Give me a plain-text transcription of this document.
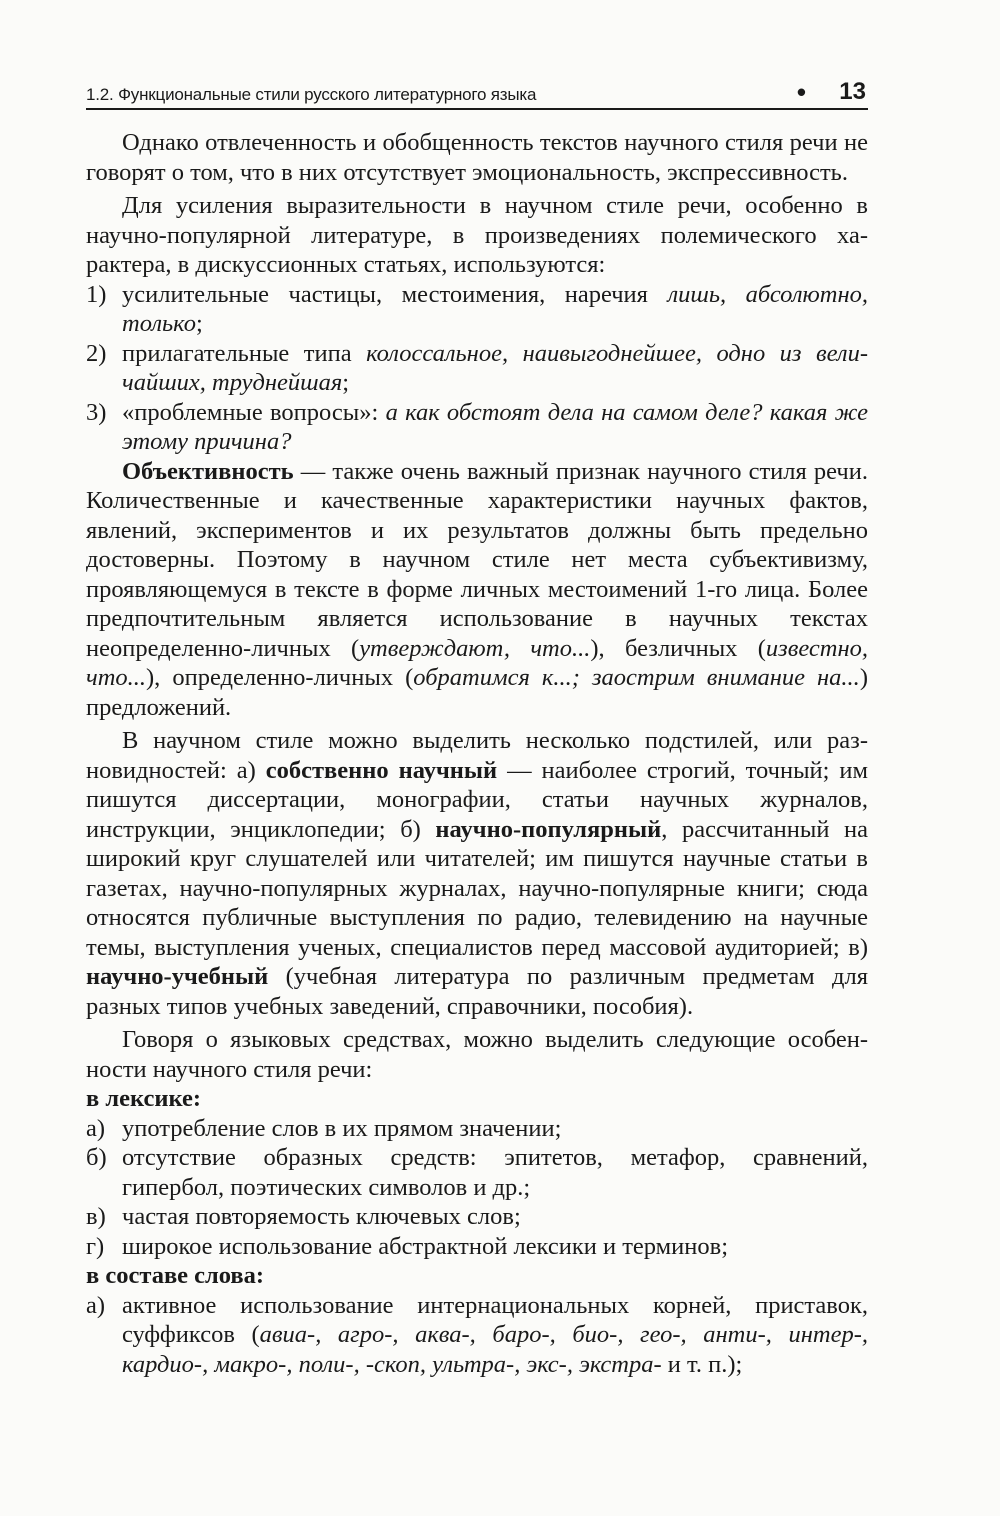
1.2. Функциональные стили русского литературного языка	• 13

Однако отвлеченность и обобщенность текстов научного стиля речи не говорят о том, что в них отсутствует эмоциональность, экспрессивность.

Для усиления выразительности в научном стиле речи, особенно в научно-популярной литературе, в произведениях полемического характера, в дискуссионных статьях, используются:

1) усилительные частицы, местоимения, наречия лишь, абсолютно, только;
2) прилагательные типа колоссальное, наивыгоднейшее, одно из величайших, труднейшая;
3) «проблемные вопросы»: а как обстоят дела на самом деле? какая же этому причина?

Объективность — также очень важный признак научного стиля речи. Количественные и качественные характеристики научных фактов, явлений, экспериментов и их результатов должны быть предельно достоверны. Поэтому в научном стиле нет места субъективизму, проявляющемуся в тексте в форме личных местоимений 1-го лица. Более предпочтительным является использование в научных текстах неопределенно-личных (утверждают, что...), безличных (известно, что...), определенно-личных (обратимся к...; заострим внимание на...) предложений.

В научном стиле можно выделить несколько подстилей, или разновидностей: а) собственно научный — наиболее строгий, точный; им пишутся диссертации, монографии, статьи научных журналов, инструкции, энциклопедии; б) научно-популярный, рассчитанный на широкий круг слушателей или читателей; им пишутся научные статьи в газетах, научно-популярных журналах, научно-популярные книги; сюда относятся публичные выступления по радио, телевидению на научные темы, выступления ученых, специалистов перед массовой аудиторией; в) научно-учебный (учебная литература по различным предметам для разных типов учебных заведений, справочники, пособия).

Говоря о языковых средствах, можно выделить следующие особенности научного стиля речи:

в лексике:
а) употребление слов в их прямом значении;
б) отсутствие образных средств: эпитетов, метафор, сравнений, гипербол, поэтических символов и др.;
в) частая повторяемость ключевых слов;
г) широкое использование абстрактной лексики и терминов;
в составе слова:
а) активное использование интернациональных корней, приставок, суффиксов (авиа-, агро-, аква-, баро-, био-, гео-, анти-, интер-, кардио-, макро-, поли-, -скоп, ультра-, экс-, экстра- и т. п.);
